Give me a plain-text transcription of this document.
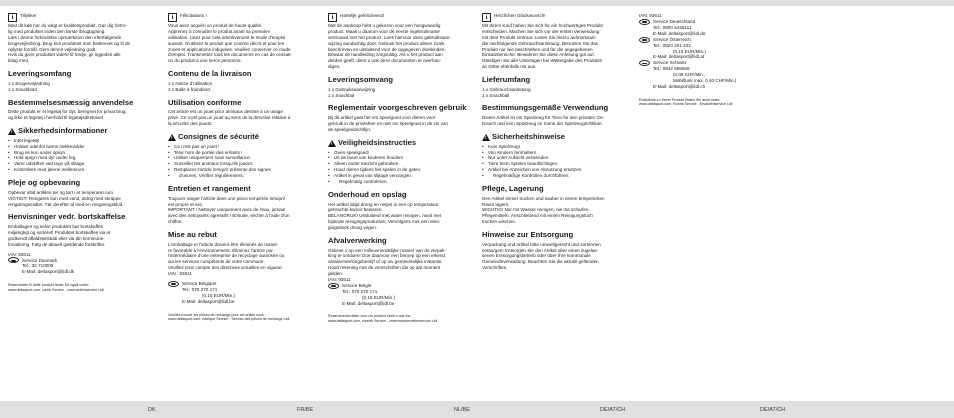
i	Tillykke!
Med dit køb har du valgt et kvalitetsprodukt. Gør dig fortro-
lig med produktet inden den første ibrugtagning.
Læs i denne forbindelse opmærksom den efterfølgende
brugsvejledning. Brug kun produktet som beskrevet og til de
oplyste formål. Gem denne vejledning godt.
Hvis du giver produktet videre til tredje, gir liggedes alle
bilag med.
Leveringsomfang
1 x Brugervejledning
1 x Snackbold
Bestemmelsesmæssig anvendelse
Dette produkt er et legetøj for dyr, beregnet for privat brug,
og ikke et legetøj i henhold til legetøjsdirektivet.
!
Sikkerhedsinformationer
• Intet legetøj!
• Holdes udenfor børns rækkevidde!
• Brug es kun under opsyn.
• Hold opsyn med dyr under leg.
• Varer udskiftes ved tegn på slitage.
• Kontrollere med jævne mellemrum.
Pleje og opbevaring
Opbevar altid artiklen tør og tørt i et temperaret rum.
VIGTIGT! Rengøres kun med vand, aldrig med skrappe
rengøringsmidler. Tør derefter af med en rengøringsklud.
Henvisninger vedr. bortskaffelse
Emballagen og selve produktet bør bortskaffes
miljørigtigt og sorteret! Produktet bortskaffes via et
godkendt affaldsselskab eller via din kommune-
forvaltning. Følg de aktuelt gældende forskrifter.
IAN: 93611
Service Danmark
Tel.: 32 710005
E-Mail: deltasport@lidl.dk
Reservedele til dette produkt finder De også under:
www.deltasport.com, rubrik Service - reservedelsservice Lidl
i	Félicitations !
Vous avez acquéri un produit de haute qualité.
Apprenez à connaître le produit avant sa première
utilisation. Lisez pour cela attentivement le mode d'emploi
suivant. N'utilisez le produit que comme décrit et pour les
zones et applications indiquées. Veuillez conserver ce mode
d'emploi. Transmettez tous les documents en cas de cessati-
on du produit à une tierce personne.
Contenu de la livraison
1 x Notice d'utilisation
1 x Balle à friandises
Utilisation conforme
Cet article est un jouet pour animaux destiné à un usage
privé. Ce n'est pas un jouet au sens de la directive relative à
la sécurité des jouets.
!
Consignes de sécurité
• Ce n'est pas un jouet !
• Tenir hors de portée des enfants !
• Utiliser uniquement sous surveillance.
• Surveiller les animaux lorsqu'ils jouent.
• Remplacer l'article lorsqu'il présente des signes
• d'usures. Vérifier régulièrement.
Entretien et rangement
Toujours ranger l'article dans une pièce tempérée lorsqu'il
est propre et sec.
IMPORTANT ! Nettoyer uniquement avec de l'eau, jamais
avec des nettoyants agressifs ! Ensuite, sécher à l'aide d'un
chiffon.
Mise au rebut
L'emballage et l'article doivent être éliminés de maniè-
re favorable à l'environnement. Éliminez l'article par
l'intermédiaire d'une entreprise de recyclage autorisée ou
via les services compétents de votre commune.
Veuillez tenir compte des directives actuelles en vigueur.
IAN : 93611
Service Belgique
Tel.: 070 270 171
(0,15 EUR/Min.)
E-Mail: deltasport@lidl.be
Veuillez trouver les pièces de rechange pour cet article sous :
www.deltasport.com, rubrique Service - Service des pièces de rechange Lidl
i	Hartelijk gefeliciteerd!
Met de aankoop hebt u gekozen voor een hoogwaardig
product. Maak u daarom voor de eerste ingebruikname
vertrouwd met het product. Lees hiervoor deze gebruiksaan-
wijzing aandachtig door. Gebruik het product alleen zoals
beschreven en uitsluitend voor de opgegeven doeleinden.
Bewaar de handleiding zorgvuldig. Als u het product aan
derden geeft, dient u ook deze documenten te overhan-
digen.
Leveringsomvang
1 x Gebruiksaanwijzing
1 x Snackbal
Reglementair voorgeschreven gebruik
Bij dit artikel gaat het om speelgoed voor dieren voor
gebruik in de privésfeer en niet om speelgoed in de zin van
de speelgoedrichtlijn.
!
Veiligheidsinstructies
• Geen speelgoed!
• Uit de buurt van kinderen houden!
• Alleen onder toezicht gebruiken.
• Houd dieren tijdens het spelen in de gaten.
• Artikel in geval van slijtage vervangen.
• Regelmatig controleren.
Onderhoud en opslag
Het artikel altijd droog en netjes in een op temperatuur
gebrachte kamer bewaren.
BELANGRIJK! Uitsluitend met water reinigen, nooit met
bijtende reinigingsproducten. Vervolgens met een reini-
gingsdoek droog vegen.
Afvalverwerking
Gelieve u op een milieuvriendelijke manier van de verpak-
king te ontdoen! Doe daarvoor een beroep op een erkend
afvalverwerkingsbedrijf of op uw gemeentelijke instantie.
Houd rekening met de voorschriften die op dat moment
gelden.
IAN: 93611
Service België
Tel.: 070 270 171
(0,15 EUR/Min.)
E-Mail: deltasport@lidl.be
Reserveonderdelen voor uw product vindt u ook via:
www.deltasport.com, rubriek Service - reserveonderdelenservice Lidl
i	Herzlichen Glückwunsch!
Mit Ihrem Kauf haben Sie sich für ein hochwertiges Produkt
entschieden. Machen Sie sich vor der ersten Verwendung
mit dem Produkt vertraut. Lesen Sie hierzu aufmerksam
die nachfolgende Gebrauchsanleitung. Benutzen Sie das
Produkt nur wie beschrieben und für die angegebenen
Einsatzbereiche. Bewahren Sie diese Anleitung gut auf.
Händigen Sie alle Unterlagen bei Weitergabe des Produkts
an Dritte ebenfalls mit aus.
Lieferumfang
1 x Gebrauchsanleitung
1 x Snackball
Bestimmungsgemäße Verwendung
Dieser Artikel ist ein Spielzeug für Tiere für den privaten Ge-
brauch und kein Spielzeug im Sinne der Spielzeugrichtlinie.
!
Sicherheitshinweise
• Kein Spielzeug!
• Von Kindern fernhalten!
• Nur unter Aufsicht verwenden.
• Tiere beim Spielen beaufsichtigen.
• Artikel bei Anzeichen von Abnutzung ersetzen.
• Regelmäßige Kontrollen durchführen.
Pflege, Lagerung
Den Artikel immer trocken und sauber in einem temperierten
Raum lagern.
WICHTIG! Nur mit Wasser reinigen, nie mit scharfen
Pflegemitteln. Anschließend mit einem Reinigungstuch
trocken wischen.
Hinweise zur Entsorgung
Verpackung und Artikel bitte umweltgerecht und sortenrein
entsorgen! Entsorgen Sie den Artikel über einen zugelas-
senen Entsorgungsbetrieb oder über Ihre kommunale
Gemeindeverwaltung. Beachten Sie die aktuell geltenden
Vorschriften.
IAN: 93611
Service Deutschland
Tel.: 0800 5435111
E-Mail: deltasport@lidl.de
Service Österreich
Tel.: 0820 201 222
(0,15 EUR/Min.)
E-Mail: deltasport@lidl.at
Service Schweiz
Tel.: 0842 665566
(0,08 CHF/Min.,
Mobilfunk max. 0,40 CHF/Min.)
E-Mail: deltasport@lidl.ch
Ersatzteile zu Ihrem Produkt finden Sie auch unter:
www.deltasport.com, Rubrik Service - Ersatzteilservice Lidl
DK	FR/BE	NL/BE	DE/AT/CH	DE/AT/CH
